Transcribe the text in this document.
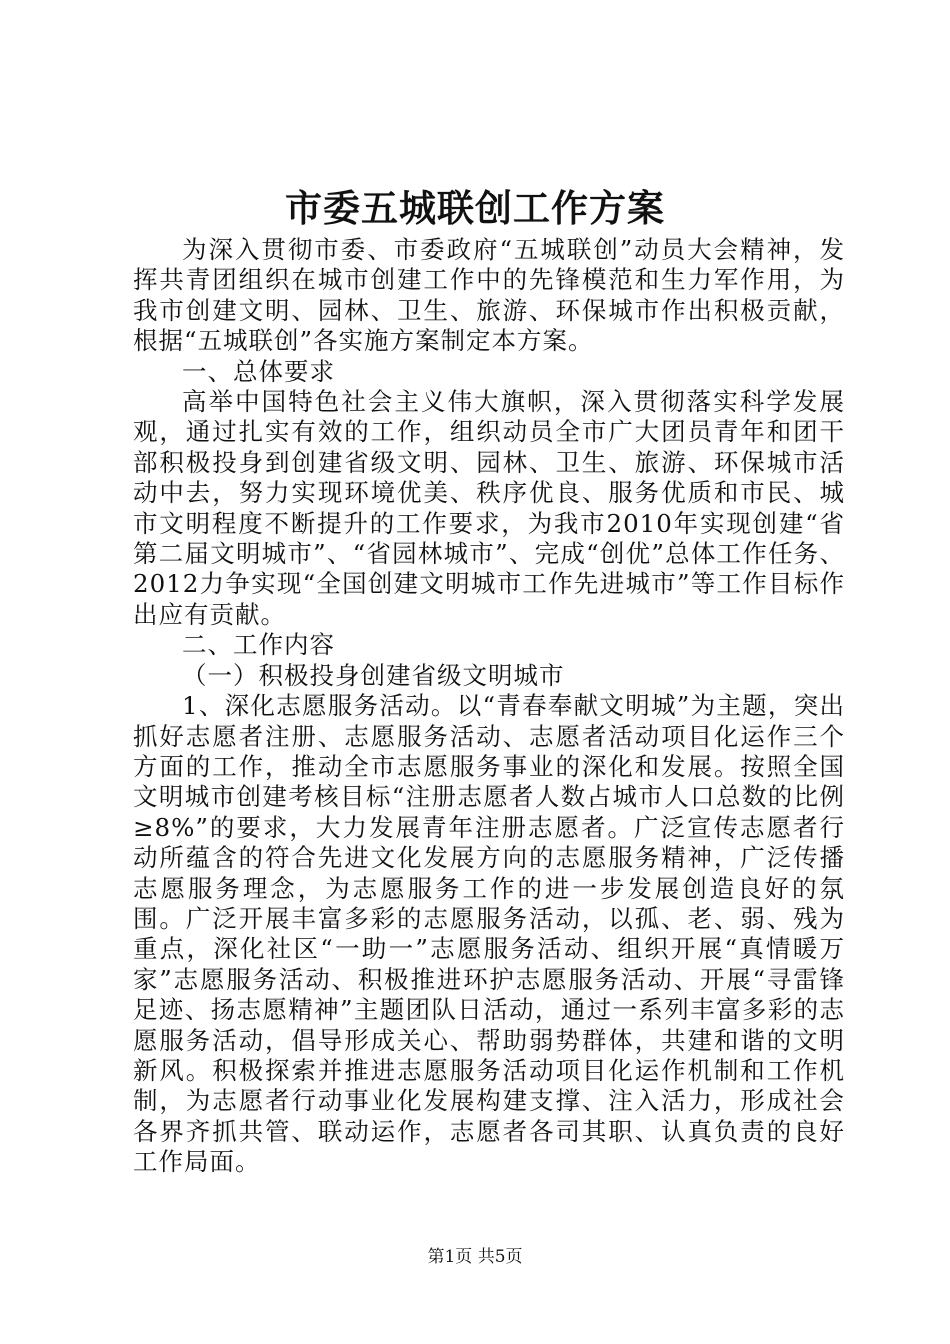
市委五城联创工作方案

为深入贯彻市委、市委政府“五城联创”动员大会精神，发挥共青团组织在城市创建工作中的先锋模范和生力军作用，为我市创建文明、园林、卫生、旅游、环保城市作出积极贡献，根据“五城联创”各实施方案制定本方案。

一、总体要求

高举中国特色社会主义伟大旗帜，深入贯彻落实科学发展观，通过扎实有效的工作，组织动员全市广大团员青年和团干部积极投身到创建省级文明、园林、卫生、旅游、环保城市活动中去，努力实现环境优美、秩序优良、服务优质和市民、城市文明程度不断提升的工作要求，为我市2010年实现创建“省第二届文明城市”、“省园林城市”、完成“创优”总体工作任务、2012力争实现“全国创建文明城市工作先进城市”等工作目标作出应有贡献。

二、工作内容

（一）积极投身创建省级文明城市

1、深化志愿服务活动。以“青春奉献文明城”为主题，突出抓好志愿者注册、志愿服务活动、志愿者活动项目化运作三个方面的工作，推动全市志愿服务事业的深化和发展。按照全国文明城市创建考核目标“注册志愿者人数占城市人口总数的比例≥8%”的要求，大力发展青年注册志愿者。广泛宣传志愿者行动所蕴含的符合先进文化发展方向的志愿服务精神，广泛传播志愿服务理念，为志愿服务工作的进一步发展创造良好的氛围。广泛开展丰富多彩的志愿服务活动，以孤、老、弱、残为重点，深化社区“一助一”志愿服务活动、组织开展“真情暖万家”志愿服务活动、积极推进环护志愿服务活动、开展“寻雷锋足迹、扬志愿精神”主题团队日活动，通过一系列丰富多彩的志愿服务活动，倡导形成关心、帮助弱势群体，共建和谐的文明新风。积极探索并推进志愿服务活动项目化运作机制和工作机制，为志愿者行动事业化发展构建支撑、注入活力，形成社会各界齐抓共管、联动运作，志愿者各司其职、认真负责的良好工作局面。

第1页 共5页
